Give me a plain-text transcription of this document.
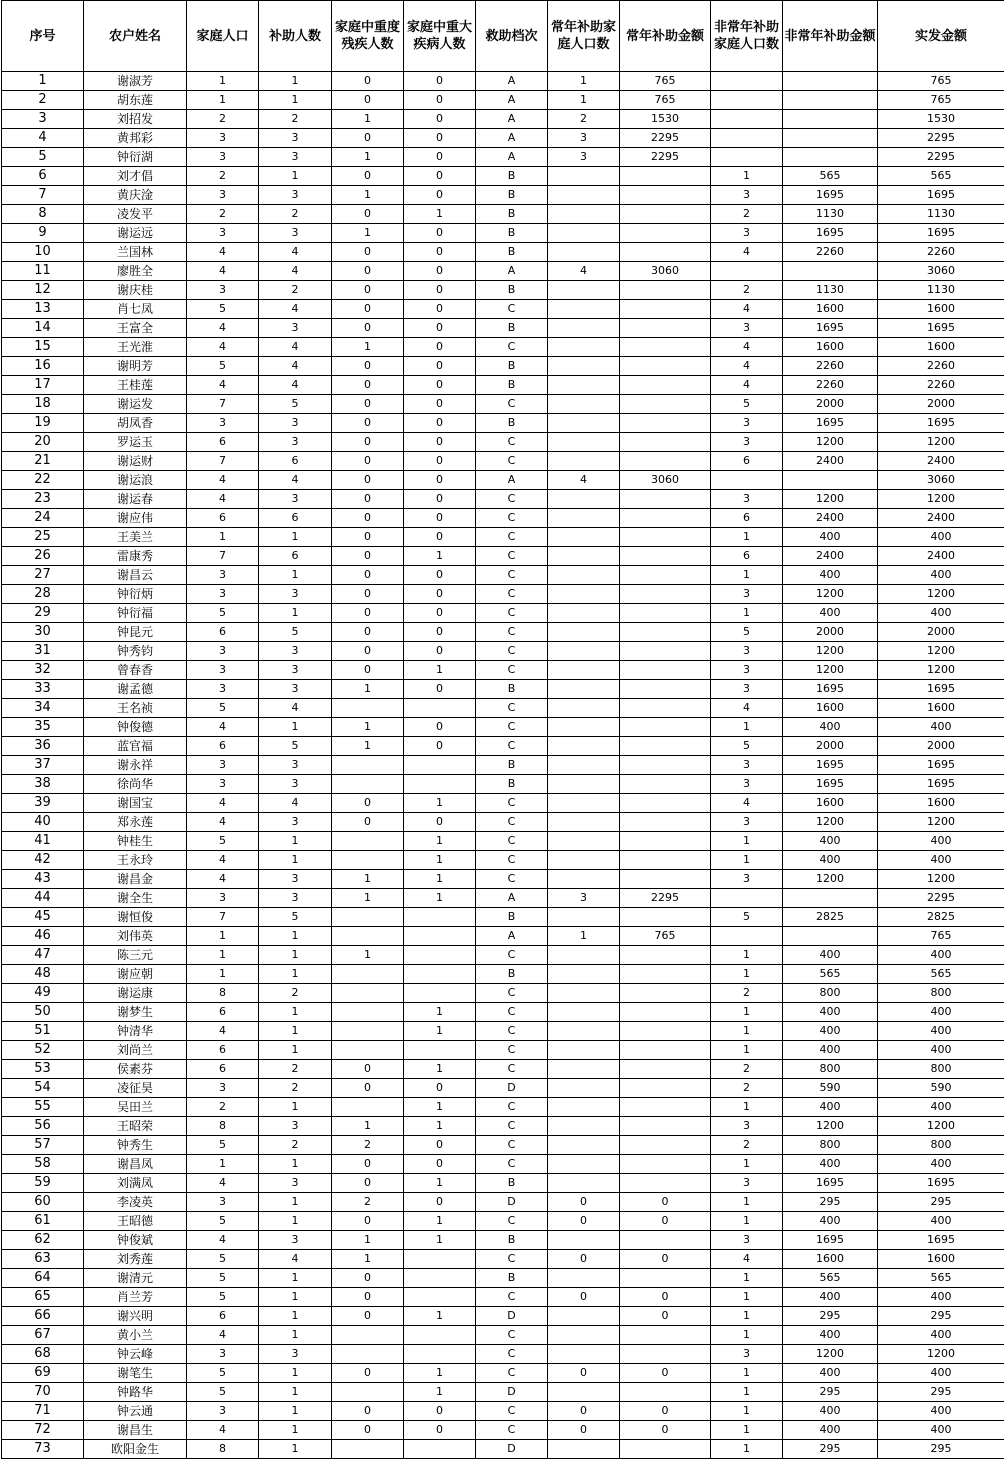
序号	农户姓名	家庭人口	补助人数	家庭中重度残疾人数	家庭中重大疾病人数	救助档次	常年补助家庭人口数	常年补助金额	非常年补助家庭人口数	非常年补助金额	实发金额
1	谢淑芳	1	1	0	0	A	1	765			765
2	胡东莲	1	1	0	0	A	1	765			765
3	刘招发	2	2	1	0	A	2	1530			1530
4	黄邦彩	3	3	0	0	A	3	2295			2295
5	钟衍湖	3	3	1	0	A	3	2295			2295
6	刘才倡	2	1	0	0	B			1	565	565
7	黄庆淦	3	3	1	0	B			3	1695	1695
8	凌发平	2	2	0	1	B			2	1130	1130
9	谢运远	3	3	1	0	B			3	1695	1695
10	兰国林	4	4	0	0	B			4	2260	2260
11	廖胜全	4	4	0	0	A	4	3060			3060
12	谢庆桂	3	2	0	0	B			2	1130	1130
13	肖七凤	5	4	0	0	C			4	1600	1600
14	王富全	4	3	0	0	B			3	1695	1695
15	王光淮	4	4	1	0	C			4	1600	1600
16	谢明芳	5	4	0	0	B			4	2260	2260
17	王桂莲	4	4	0	0	B			4	2260	2260
18	谢运发	7	5	0	0	C			5	2000	2000
19	胡凤香	3	3	0	0	B			3	1695	1695
20	罗运玉	6	3	0	0	C			3	1200	1200
21	谢运财	7	6	0	0	C			6	2400	2400
22	谢运浪	4	4	0	0	A	4	3060			3060
23	谢运春	4	3	0	0	C			3	1200	1200
24	谢应伟	6	6	0	0	C			6	2400	2400
25	王美兰	1	1	0	0	C			1	400	400
26	雷康秀	7	6	0	1	C			6	2400	2400
27	谢昌云	3	1	0	0	C			1	400	400
28	钟衍炳	3	3	0	0	C			3	1200	1200
29	钟衍福	5	1	0	0	C			1	400	400
30	钟昆元	6	5	0	0	C			5	2000	2000
31	钟秀钧	3	3	0	0	C			3	1200	1200
32	曾春香	3	3	0	1	C			3	1200	1200
33	谢孟德	3	3	1	0	B			3	1695	1695
34	王名祯	5	4			C			4	1600	1600
35	钟俊德	4	1	1	0	C			1	400	400
36	蓝官福	6	5	1	0	C			5	2000	2000
37	谢永祥	3	3			B			3	1695	1695
38	徐尚华	3	3			B			3	1695	1695
39	谢国宝	4	4	0	1	C			4	1600	1600
40	郑永莲	4	3	0	0	C			3	1200	1200
41	钟桂生	5	1		1	C			1	400	400
42	王永玲	4	1		1	C			1	400	400
43	谢昌金	4	3	1	1	C			3	1200	1200
44	谢全生	3	3	1	1	A	3	2295			2295
45	谢恒俊	7	5			B			5	2825	2825
46	刘伟英	1	1			A	1	765			765
47	陈三元	1	1	1		C			1	400	400
48	谢应朝	1	1			B			1	565	565
49	谢运康	8	2			C			2	800	800
50	谢梦生	6	1		1	C			1	400	400
51	钟清华	4	1		1	C			1	400	400
52	刘尚兰	6	1			C			1	400	400
53	侯素芬	6	2	0	1	C			2	800	800
54	凌征昊	3	2	0	0	D			2	590	590
55	吴田兰	2	1		1	C			1	400	400
56	王昭荣	8	3	1	1	C			3	1200	1200
57	钟秀生	5	2	2	0	C			2	800	800
58	谢昌凤	1	1	0	0	C			1	400	400
59	刘满凤	4	3	0	1	B			3	1695	1695
60	李凌英	3	1	2	0	D	0	0	1	295	295
61	王昭德	5	1	0	1	C	0	0	1	400	400
62	钟俊斌	4	3	1	1	B			3	1695	1695
63	刘秀莲	5	4	1		C	0	0	4	1600	1600
64	谢清元	5	1	0		B			1	565	565
65	肖兰芳	5	1	0		C	0	0	1	400	400
66	谢兴明	6	1	0	1	D		0	1	295	295
67	黄小兰	4	1			C			1	400	400
68	钟云峰	3	3			C			3	1200	1200
69	谢笔生	5	1	0	1	C	0	0	1	400	400
70	钟路华	5	1		1	D			1	295	295
71	钟云通	3	1	0	0	C	0	0	1	400	400
72	谢昌生	4	1	0	0	C	0	0	1	400	400
73	欧阳金生	8	1			D			1	295	295
